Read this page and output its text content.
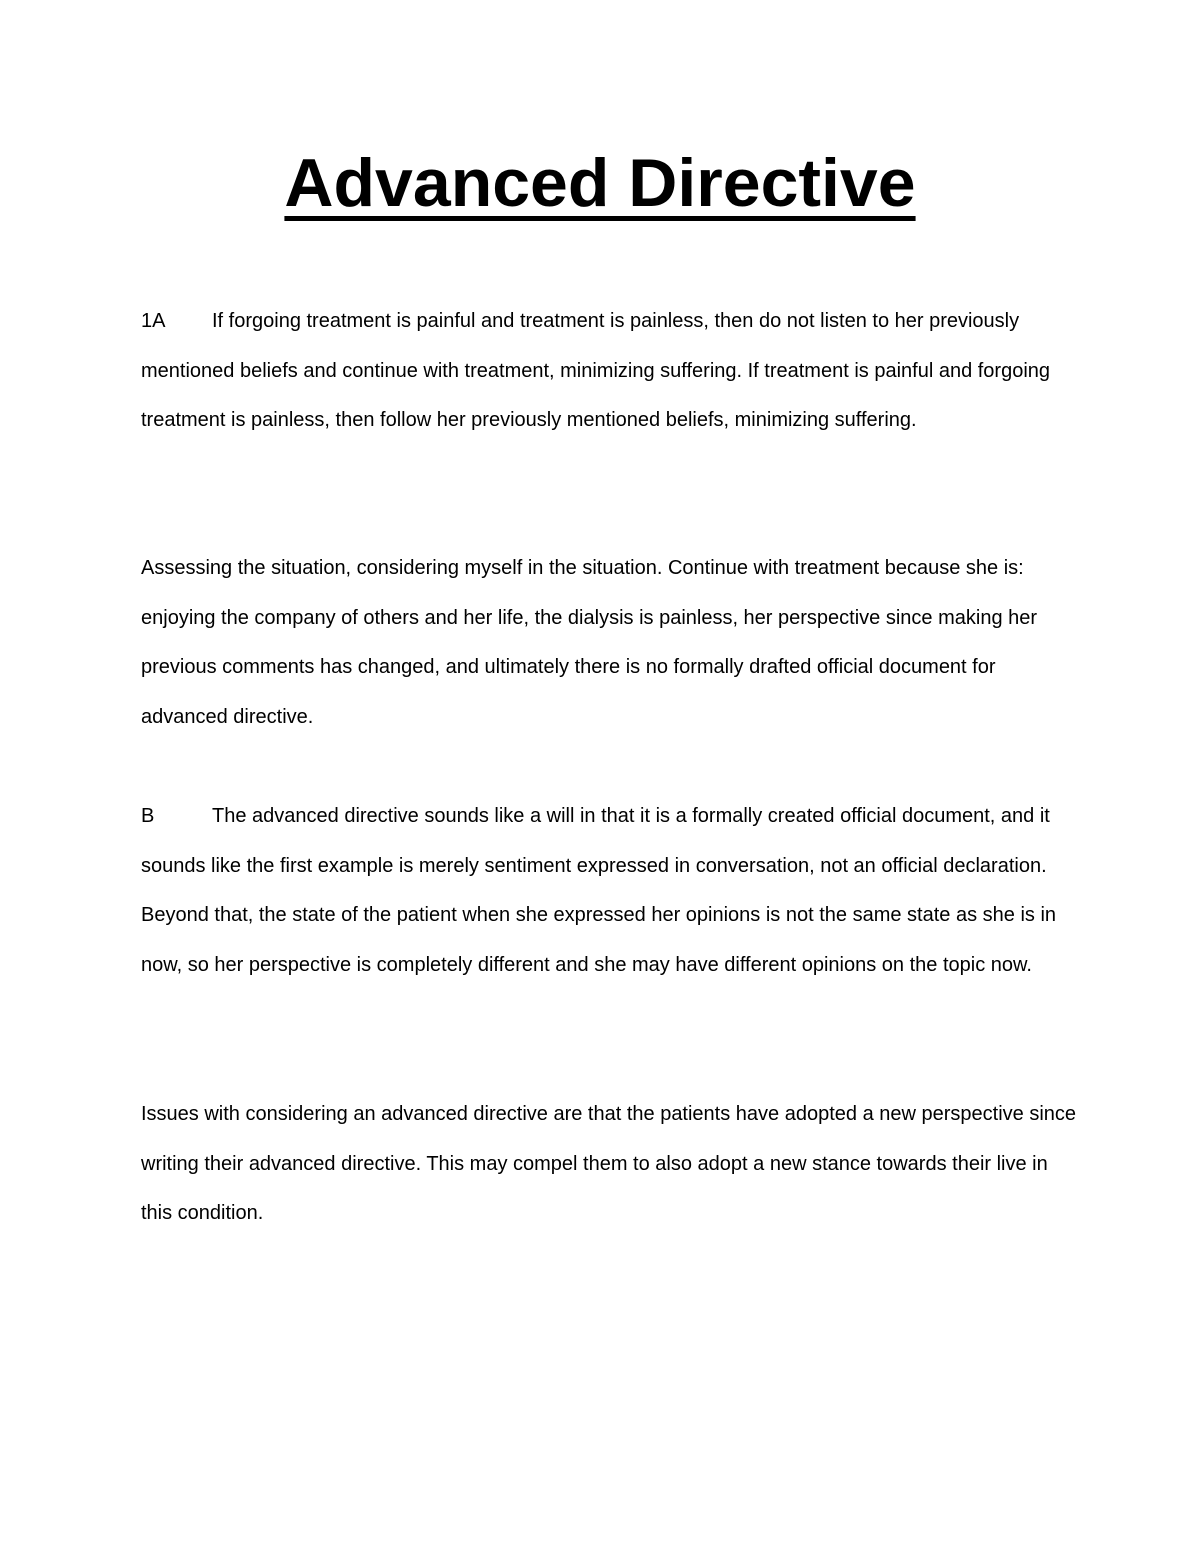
Advanced Directive

1A If forgoing treatment is painful and treatment is painless, then do not listen to her previously mentioned beliefs and continue with treatment, minimizing suffering. If treatment is painful and forgoing treatment is painless, then follow her previously mentioned beliefs, minimizing suffering.

Assessing the situation, considering myself in the situation. Continue with treatment because she is: enjoying the company of others and her life, the dialysis is painless, her perspective since making her previous comments has changed, and ultimately there is no formally drafted official document for advanced directive.

B	The advanced directive sounds like a will in that it is a formally created official document, and it sounds like the first example is merely sentiment expressed in conversation, not an official declaration. Beyond that, the state of the patient when she expressed her opinions is not the same state as she is in now, so her perspective is completely different and she may have different opinions on the topic now.

Issues with considering an advanced directive are that the patients have adopted a new perspective since writing their advanced directive. This may compel them to also adopt a new stance towards their live in this condition.
